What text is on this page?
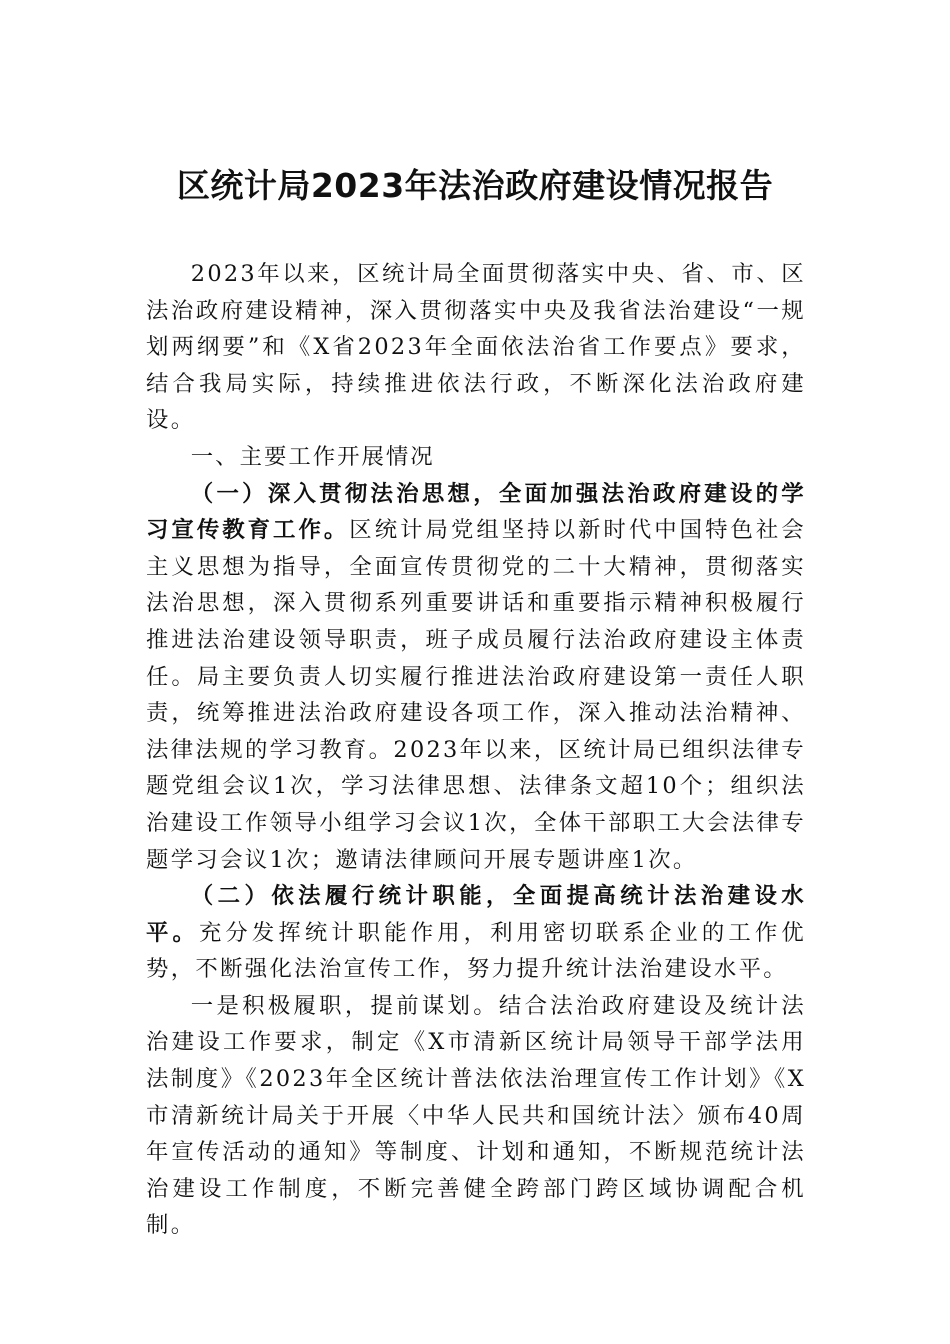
区统计局2023年法治政府建设情况报告

2023年以来，区统计局全面贯彻落实中央、省、市、区法治政府建设精神，深入贯彻落实中央及我省法治建设“一规划两纲要”和《X省2023年全面依法治省工作要点》要求，结合我局实际，持续推进依法行政，不断深化法治政府建设。

一、主要工作开展情况

（一）深入贯彻法治思想，全面加强法治政府建设的学习宣传教育工作。区统计局党组坚持以新时代中国特色社会主义思想为指导，全面宣传贯彻党的二十大精神，贯彻落实法治思想，深入贯彻系列重要讲话和重要指示精神积极履行推进法治建设领导职责，班子成员履行法治政府建设主体责任。局主要负责人切实履行推进法治政府建设第一责任人职责，统筹推进法治政府建设各项工作，深入推动法治精神、法律法规的学习教育。2023年以来，区统计局已组织法律专题党组会议1次，学习法律思想、法律条文超10个；组织法治建设工作领导小组学习会议1次，全体干部职工大会法律专题学习会议1次；邀请法律顾问开展专题讲座1次。

（二）依法履行统计职能，全面提高统计法治建设水平。充分发挥统计职能作用，利用密切联系企业的工作优势，不断强化法治宣传工作，努力提升统计法治建设水平。

一是积极履职，提前谋划。结合法治政府建设及统计法治建设工作要求，制定《X市清新区统计局领导干部学法用法制度》《2023年全区统计普法依法治理宣传工作计划》《X市清新统计局关于开展〈中华人民共和国统计法〉颁布40周年宣传活动的通知》等制度、计划和通知，不断规范统计法治建设工作制度，不断完善健全跨部门跨区域协调配合机制。
